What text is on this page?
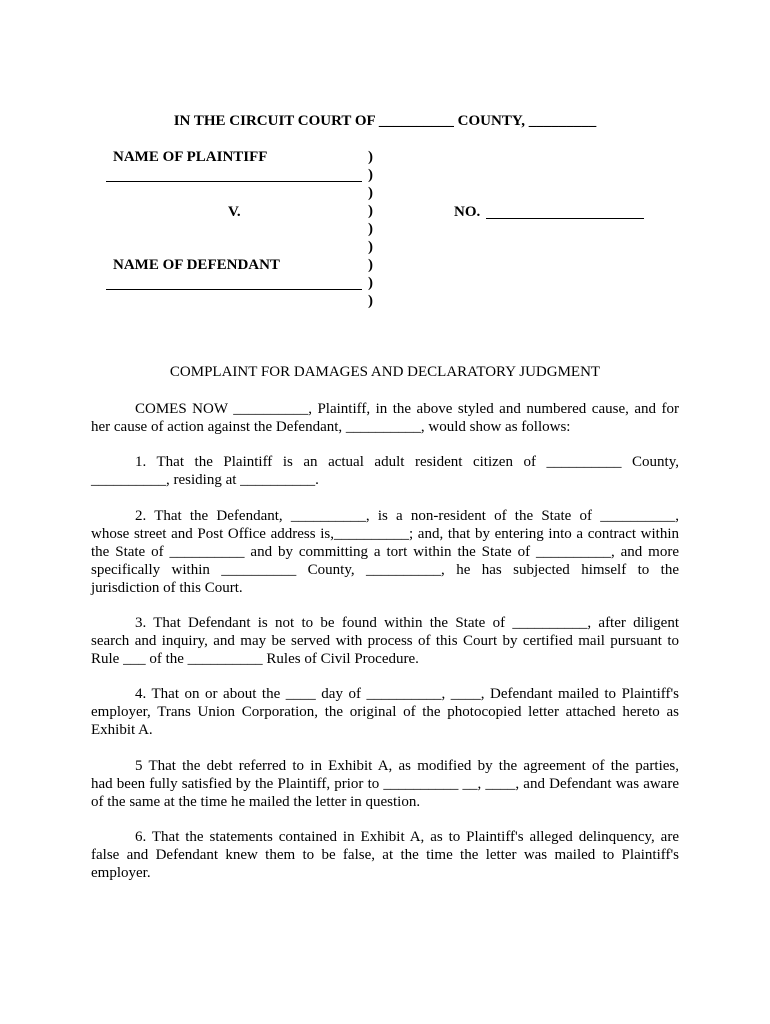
IN THE CIRCUIT COURT OF __________ COUNTY, _________
NAME OF PLAINTIFF
V.
NAME OF DEFENDANT
)
)
)
)
)
)
)
)
)
NO.
COMPLAINT FOR DAMAGES AND DECLARATORY JUDGMENT
COMES NOW __________, Plaintiff, in the above styled and numbered cause, and for
her cause of action against the Defendant, __________, would show as follows:
1. That the Plaintiff is an actual adult resident citizen of __________ County,
__________, residing at __________.
2. That the Defendant, __________, is a non-resident of the State of __________,
whose street and Post Office address is,__________; and, that by entering into a contract within
the State of __________ and by committing a tort within the State of __________, and more
specifically within __________ County, __________, he has subjected himself to the
jurisdiction of this Court.
3. That Defendant is not to be found within the State of __________, after diligent
search and inquiry, and may be served with process of this Court by certified mail pursuant to
Rule ___ of the __________ Rules of Civil Procedure.
4. That on or about the ____ day of __________, ____, Defendant mailed to Plaintiff's
employer, Trans Union Corporation, the original of the photocopied letter attached hereto as
Exhibit A.
5 That the debt referred to in Exhibit A, as modified by the agreement of the parties,
had been fully satisfied by the Plaintiff, prior to __________ __, ____, and Defendant was aware
of the same at the time he mailed the letter in question.
6. That the statements contained in Exhibit A, as to Plaintiff's alleged delinquency, are
false and Defendant knew them to be false, at the time the letter was mailed to Plaintiff's
employer.
